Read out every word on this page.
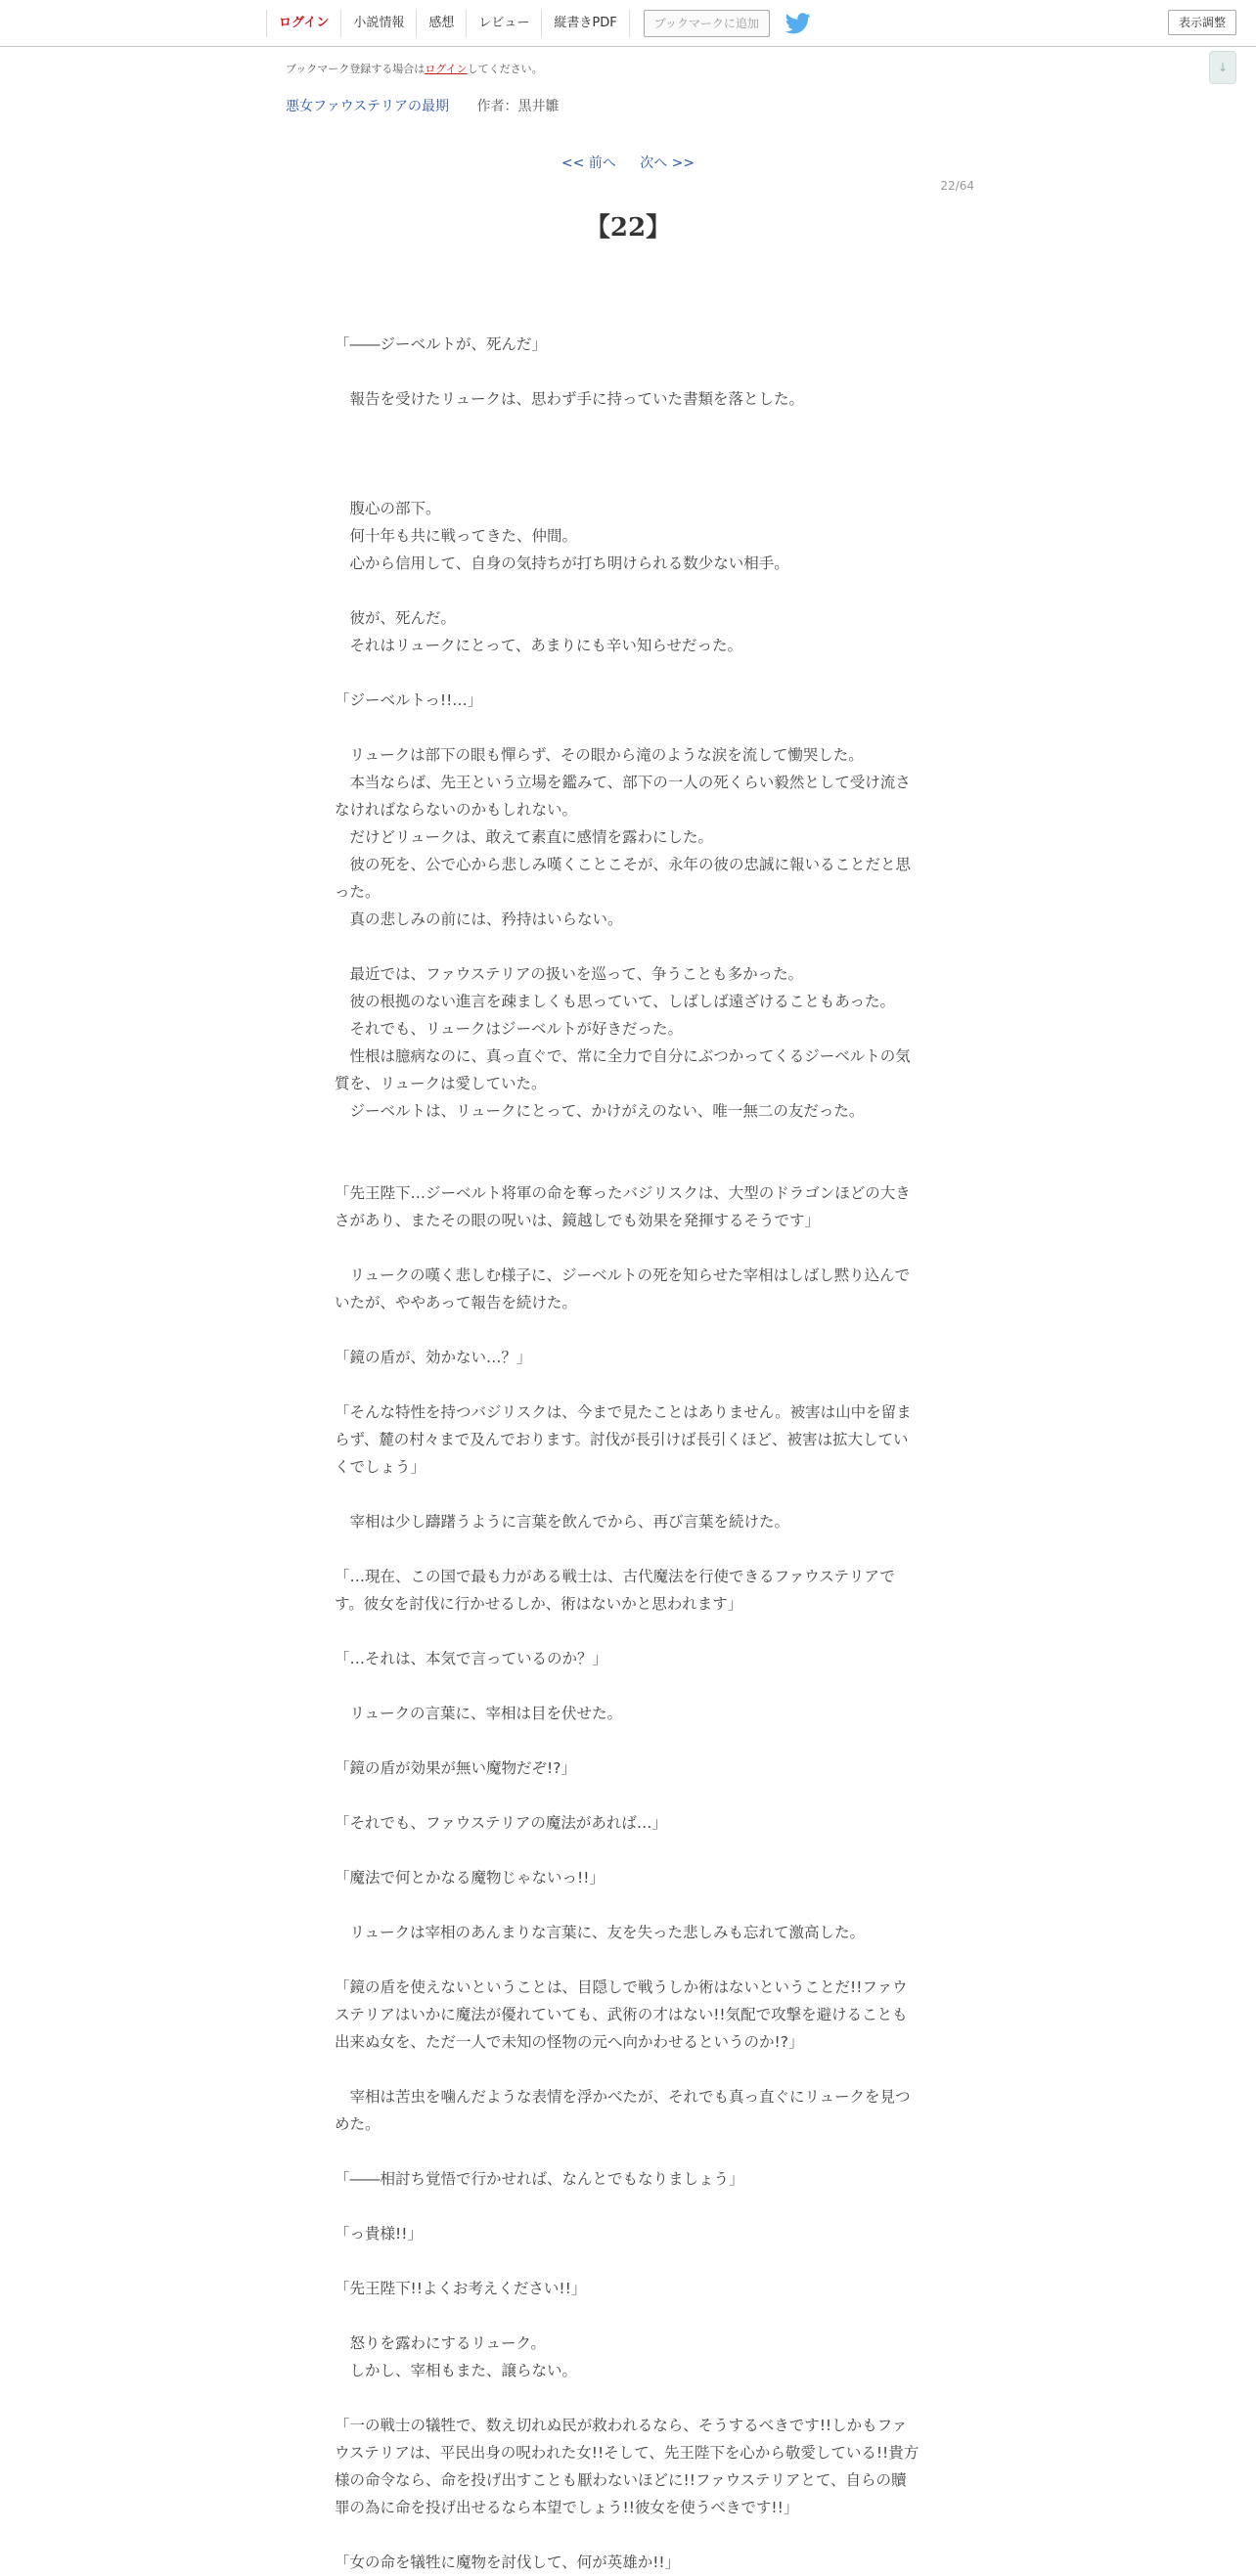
ログイン	小説情報	感想	レビュー	縦書きPDF	ブックマークに追加	表示調整
↓
ブックマーク登録する場合はログインしてください。
悪女ファウステリアの最期 作者：黒井雛
<< 前へ 次へ >>
22/64
【22】

「――ジーベルトが、死んだ」

　報告を受けたリュークは、思わず手に持っていた書類を落とした。

　腹心の部下。

　何十年も共に戦ってきた、仲間。

　心から信用して、自身の気持ちが打ち明けられる数少ない相手。

　彼が、死んだ。

　それはリュークにとって、あまりにも辛い知らせだった。

「ジーベルトっ!!…」

　リュークは部下の眼も憚らず、その眼から滝のような涙を流して慟哭した。

　本当ならば、先王という立場を鑑みて、部下の一人の死くらい毅然として受け流さなければならないのかもしれない。

　だけどリュークは、敢えて素直に感情を露わにした。

　彼の死を、公で心から悲しみ嘆くことこそが、永年の彼の忠誠に報いることだと思った。

　真の悲しみの前には、矜持はいらない。

　最近では、ファウステリアの扱いを巡って、争うことも多かった。

　彼の根拠のない進言を疎ましくも思っていて、しばしば遠ざけることもあった。

　それでも、リュークはジーベルトが好きだった。

　性根は臆病なのに、真っ直ぐで、常に全力で自分にぶつかってくるジーベルトの気質を、リュークは愛していた。

　ジーベルトは、リュークにとって、かけがえのない、唯一無二の友だった。

「先王陛下…ジーベルト将軍の命を奪ったバジリスクは、大型のドラゴンほどの大きさがあり、またその眼の呪いは、鏡越しでも効果を発揮するそうです」

　リュークの嘆く悲しむ様子に、ジーベルトの死を知らせた宰相はしばし黙り込んでいたが、ややあって報告を続けた。

「鏡の盾が、効かない…？」

「そんな特性を持つバジリスクは、今まで見たことはありません。被害は山中を留まらず、麓の村々まで及んでおります。討伐が長引けば長引くほど、被害は拡大していくでしょう」

　宰相は少し躊躇うように言葉を飲んでから、再び言葉を続けた。

「…現在、この国で最も力がある戦士は、古代魔法を行使できるファウステリアです。彼女を討伐に行かせるしか、術はないかと思われます」

「…それは、本気で言っているのか？」

　リュークの言葉に、宰相は目を伏せた。

「鏡の盾が効果が無い魔物だぞ!?」

「それでも、ファウステリアの魔法があれば…」

「魔法で何とかなる魔物じゃないっ!!」

　リュークは宰相のあんまりな言葉に、友を失った悲しみも忘れて激高した。

「鏡の盾を使えないということは、目隠しで戦うしか術はないということだ!!ファウステリアはいかに魔法が優れていても、武術の才はない!!気配で攻撃を避けることも出来ぬ女を、ただ一人で未知の怪物の元へ向かわせるというのか!?」

　宰相は苦虫を噛んだような表情を浮かべたが、それでも真っ直ぐにリュークを見つめた。

「――相討ち覚悟で行かせれば、なんとでもなりましょう」

「っ貴様!!」

「先王陛下!!よくお考えください!!」

　怒りを露わにするリューク。

　しかし、宰相もまた、譲らない。

「一の戦士の犠牲で、数え切れぬ民が救われるなら、そうするべきです!!しかもファウステリアは、平民出身の呪われた女!!そして、先王陛下を心から敬愛している!!貴方様の命令なら、命を投げ出すことも厭わないほどに!!ファウステリアとて、自らの贖罪の為に命を投げ出せるなら本望でしょう!!彼女を使うべきです!!」

「女の命を犠牲に魔物を討伐して、何が英雄か!!」
